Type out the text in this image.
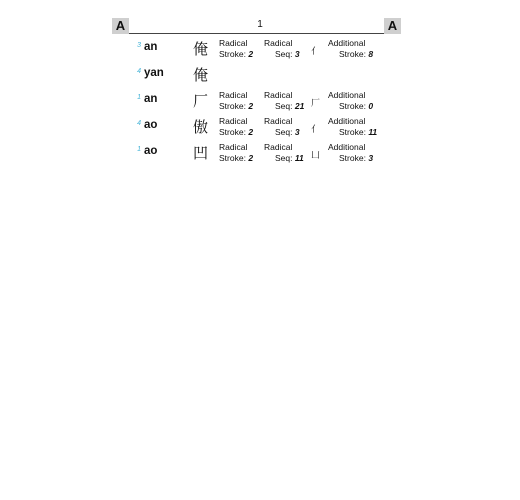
A	1	A
3 an 俺 Radical
Stroke: 2
Radical
Seq: 3 亻
Additional
Stroke: 8
4 yan 俺
1 an 厂 Radical
Stroke: 2
Radical
Seq: 21 厂
Additional
Stroke: 0
4 ao 傲 Radical
Stroke: 2
Radical
Seq: 3 亻
Additional
Stroke: 11
1 ao 凹 Radical
Stroke: 2
Radical
Seq: 11 凵
Additional
Stroke: 3
